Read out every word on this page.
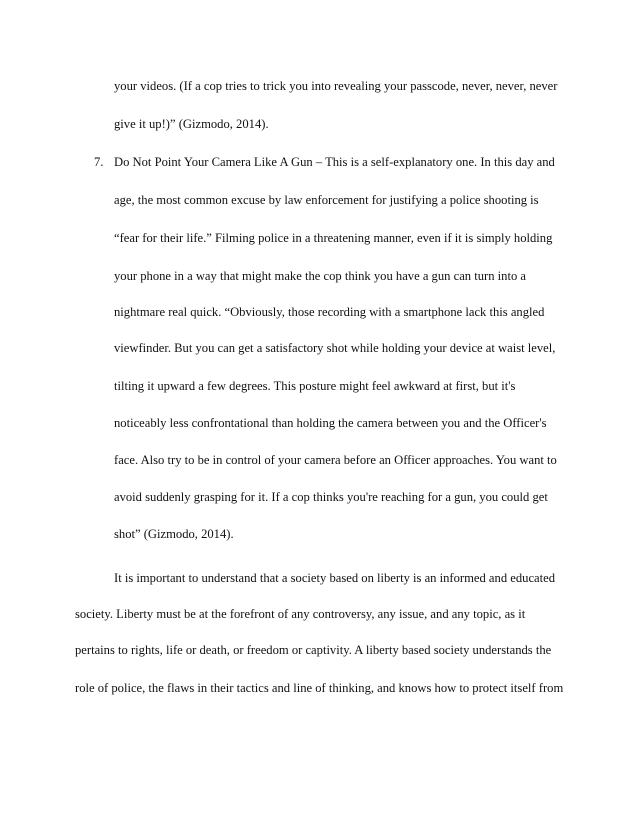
your videos. (If a cop tries to trick you into revealing your passcode, never, never, never
give it up!)” (Gizmodo, 2014).
7. Do Not Point Your Camera Like A Gun – This is a self-explanatory one. In this day and
age, the most common excuse by law enforcement for justifying a police shooting is
“fear for their life.” Filming police in a threatening manner, even if it is simply holding
your phone in a way that might make the cop think you have a gun can turn into a
nightmare real quick. “Obviously, those recording with a smartphone lack this angled
viewfinder. But you can get a satisfactory shot while holding your device at waist level,
tilting it upward a few degrees. This posture might feel awkward at first, but it's
noticeably less confrontational than holding the camera between you and the Officer's
face. Also try to be in control of your camera before an Officer approaches. You want to
avoid suddenly grasping for it. If a cop thinks you're reaching for a gun, you could get
shot” (Gizmodo, 2014).
It is important to understand that a society based on liberty is an informed and educated
society. Liberty must be at the forefront of any controversy, any issue, and any topic, as it
pertains to rights, life or death, or freedom or captivity. A liberty based society understands the
role of police, the flaws in their tactics and line of thinking, and knows how to protect itself from
